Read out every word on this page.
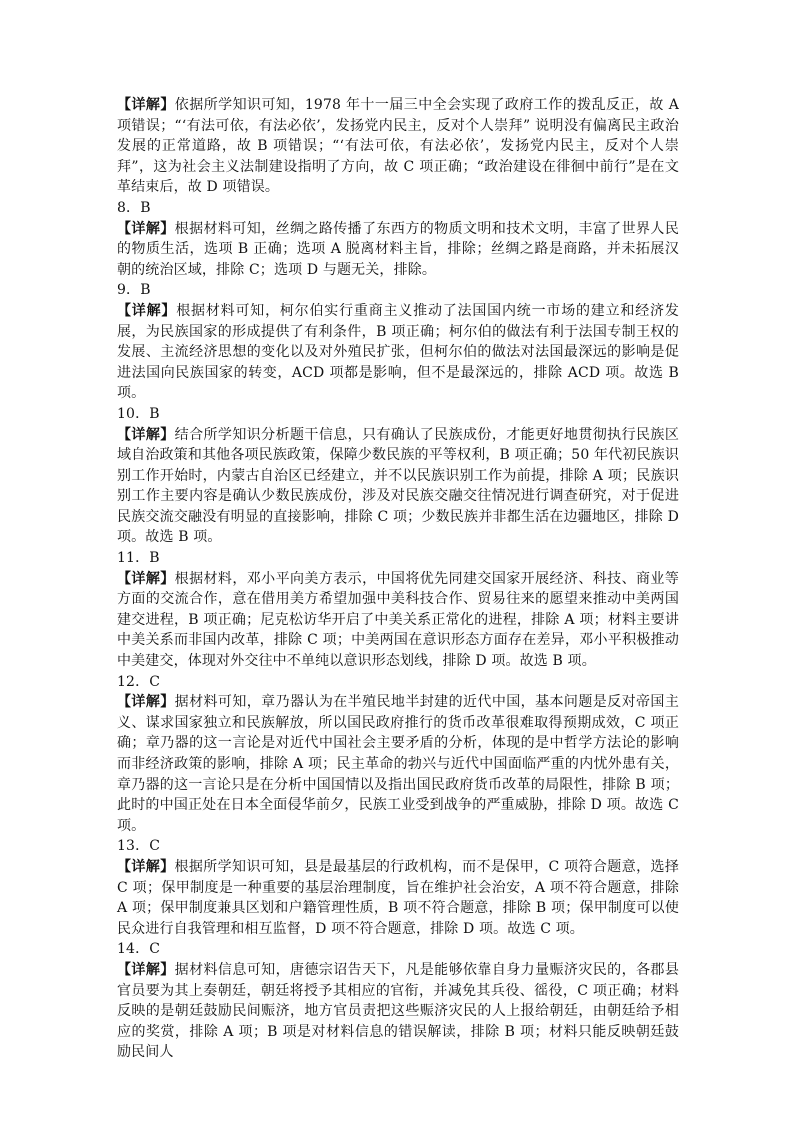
【详解】依据所学知识可知，1978 年十一届三中全会实现了政府工作的拨乱反正，故 A 项错误；“‘有法可依，有法必依’，发扬党内民主，反对个人崇拜” 说明没有偏离民主政治发展的正常道路，故 B 项错误；“‘有法可依，有法必依’，发扬党内民主，反对个人崇拜”，这为社会主义法制建设指明了方向，故 C 项正确；“政治建设在徘徊中前行”是在文革结束后，故 D 项错误。

8．B

【详解】根据材料可知，丝绸之路传播了东西方的物质文明和技术文明，丰富了世界人民的物质生活，选项 B 正确；选项 A 脱离材料主旨，排除；丝绸之路是商路，并未拓展汉朝的统治区域，排除 C；选项 D 与题无关，排除。

9．B

【详解】根据材料可知，柯尔伯实行重商主义推动了法国国内统一市场的建立和经济发展，为民族国家的形成提供了有利条件，B 项正确；柯尔伯的做法有利于法国专制王权的发展、主流经济思想的变化以及对外殖民扩张，但柯尔伯的做法对法国最深远的影响是促进法国向民族国家的转变，ACD 项都是影响，但不是最深远的，排除 ACD 项。故选 B 项。

10．B

【详解】结合所学知识分析题干信息，只有确认了民族成份，才能更好地贯彻执行民族区域自治政策和其他各项民族政策，保障少数民族的平等权利，B 项正确；50 年代初民族识别工作开始时，内蒙古自治区已经建立，并不以民族识别工作为前提，排除 A 项；民族识别工作主要内容是确认少数民族成份，涉及对民族交融交往情况进行调查研究，对于促进民族交流交融没有明显的直接影响，排除 C 项；少数民族并非都生活在边疆地区，排除 D 项。故选 B 项。

11．B

【详解】根据材料，邓小平向美方表示，中国将优先同建交国家开展经济、科技、商业等方面的交流合作，意在借用美方希望加强中美科技合作、贸易往来的愿望来推动中美两国建交进程，B 项正确；尼克松访华开启了中美关系正常化的进程，排除 A 项；材料主要讲中美关系而非国内改革，排除 C 项；中美两国在意识形态方面存在差异，邓小平积极推动中美建交，体现对外交往中不单纯以意识形态划线，排除 D 项。故选 B 项。

12．C

【详解】据材料可知，章乃器认为在半殖民地半封建的近代中国，基本问题是反对帝国主义、谋求国家独立和民族解放，所以国民政府推行的货币改革很难取得预期成效，C 项正确；章乃器的这一言论是对近代中国社会主要矛盾的分析，体现的是中哲学方法论的影响而非经济政策的影响，排除 A 项；民主革命的勃兴与近代中国面临严重的内忧外患有关，章乃器的这一言论只是在分析中国国情以及指出国民政府货币改革的局限性，排除 B 项；此时的中国正处在日本全面侵华前夕，民族工业受到战争的严重威胁，排除 D 项。故选 C 项。

13．C

【详解】根据所学知识可知，县是最基层的行政机构，而不是保甲，C 项符合题意，选择 C 项；保甲制度是一种重要的基层治理制度，旨在维护社会治安，A 项不符合题意，排除 A 项；保甲制度兼具区划和户籍管理性质，B 项不符合题意，排除 B 项；保甲制度可以使民众进行自我管理和相互监督，D 项不符合题意，排除 D 项。故选 C 项。

14．C

【详解】据材料信息可知，唐德宗诏告天下，凡是能够依靠自身力量赈济灾民的，各郡县官员要为其上奏朝廷，朝廷将授予其相应的官衔，并减免其兵役、徭役，C 项正确；材料反映的是朝廷鼓励民间赈济，地方官员责把这些赈济灾民的人上报给朝廷，由朝廷给予相应的奖赏，排除 A 项；B 项是对材料信息的错误解读，排除 B 项；材料只能反映朝廷鼓励民间人
